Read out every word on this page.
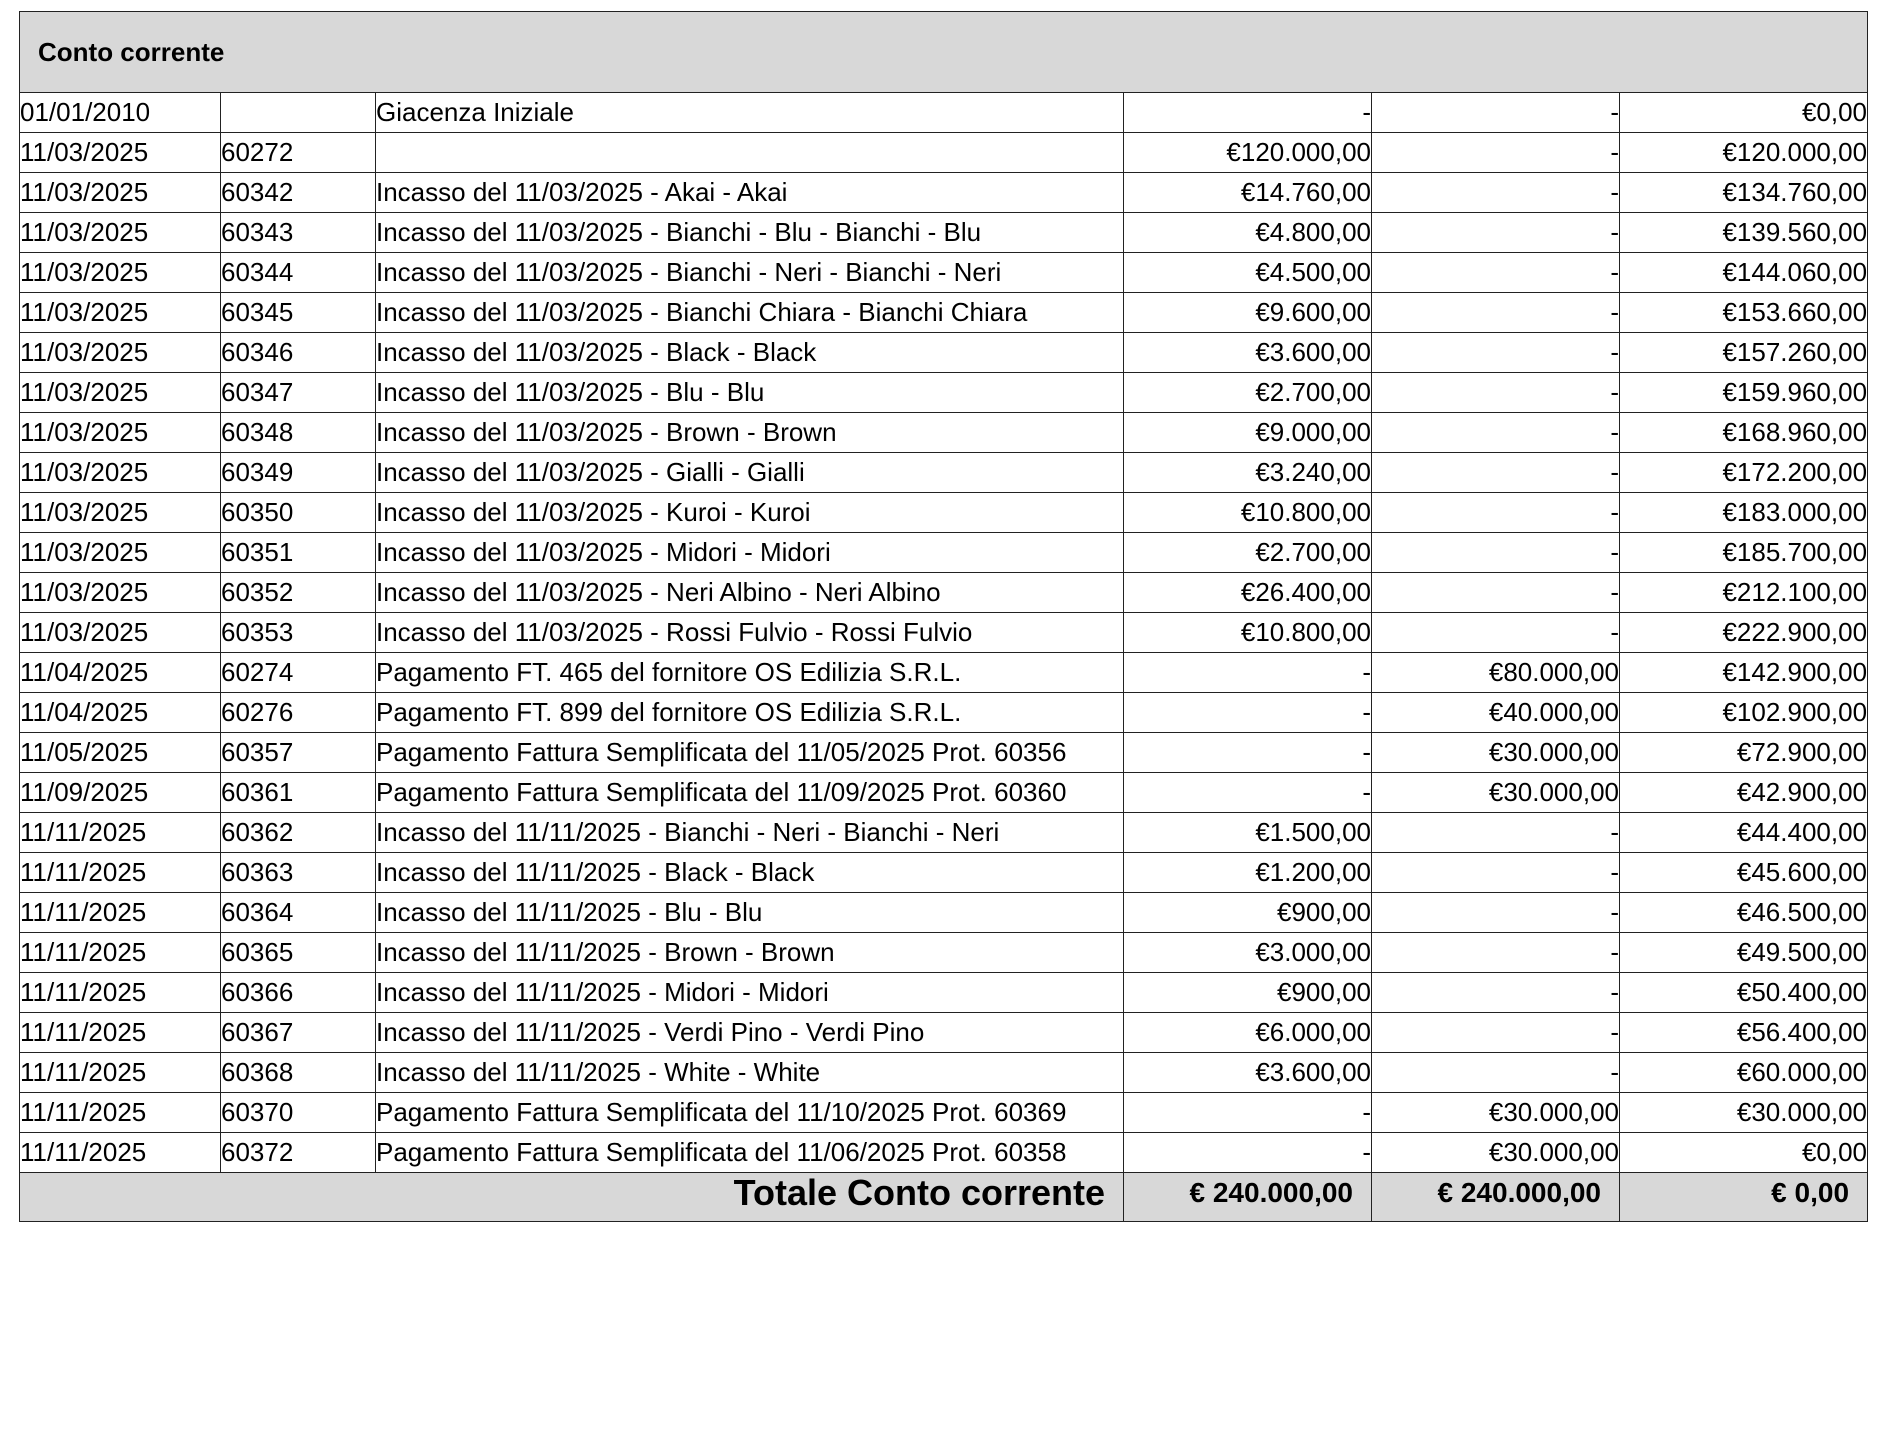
Conto corrente					
01/01/2010		Giacenza Iniziale	-	-	€0,00
11/03/2025	60272		€120.000,00	-	€120.000,00
11/03/2025	60342	Incasso del 11/03/2025 - Akai - Akai	€14.760,00	-	€134.760,00
11/03/2025	60343	Incasso del 11/03/2025 - Bianchi - Blu - Bianchi - Blu	€4.800,00	-	€139.560,00
11/03/2025	60344	Incasso del 11/03/2025 - Bianchi - Neri - Bianchi - Neri	€4.500,00	-	€144.060,00
11/03/2025	60345	Incasso del 11/03/2025 - Bianchi Chiara - Bianchi Chiara	€9.600,00	-	€153.660,00
11/03/2025	60346	Incasso del 11/03/2025 - Black - Black	€3.600,00	-	€157.260,00
11/03/2025	60347	Incasso del 11/03/2025 - Blu - Blu	€2.700,00	-	€159.960,00
11/03/2025	60348	Incasso del 11/03/2025 - Brown - Brown	€9.000,00	-	€168.960,00
11/03/2025	60349	Incasso del 11/03/2025 - Gialli - Gialli	€3.240,00	-	€172.200,00
11/03/2025	60350	Incasso del 11/03/2025 - Kuroi - Kuroi	€10.800,00	-	€183.000,00
11/03/2025	60351	Incasso del 11/03/2025 - Midori - Midori	€2.700,00	-	€185.700,00
11/03/2025	60352	Incasso del 11/03/2025 - Neri Albino - Neri Albino	€26.400,00	-	€212.100,00
11/03/2025	60353	Incasso del 11/03/2025 - Rossi Fulvio - Rossi Fulvio	€10.800,00	-	€222.900,00
11/04/2025	60274	Pagamento FT. 465 del fornitore OS Edilizia S.R.L.	-	€80.000,00	€142.900,00
11/04/2025	60276	Pagamento FT. 899 del fornitore OS Edilizia S.R.L.	-	€40.000,00	€102.900,00
11/05/2025	60357	Pagamento Fattura Semplificata del 11/05/2025 Prot. 60356	-	€30.000,00	€72.900,00
11/09/2025	60361	Pagamento Fattura Semplificata del 11/09/2025 Prot. 60360	-	€30.000,00	€42.900,00
11/11/2025	60362	Incasso del 11/11/2025 - Bianchi - Neri - Bianchi - Neri	€1.500,00	-	€44.400,00
11/11/2025	60363	Incasso del 11/11/2025 - Black - Black	€1.200,00	-	€45.600,00
11/11/2025	60364	Incasso del 11/11/2025 - Blu - Blu	€900,00	-	€46.500,00
11/11/2025	60365	Incasso del 11/11/2025 - Brown - Brown	€3.000,00	-	€49.500,00
11/11/2025	60366	Incasso del 11/11/2025 - Midori - Midori	€900,00	-	€50.400,00
11/11/2025	60367	Incasso del 11/11/2025 - Verdi Pino - Verdi Pino	€6.000,00	-	€56.400,00
11/11/2025	60368	Incasso del 11/11/2025 - White - White	€3.600,00	-	€60.000,00
11/11/2025	60370	Pagamento Fattura Semplificata del 11/10/2025 Prot. 60369	-	€30.000,00	€30.000,00
11/11/2025	60372	Pagamento Fattura Semplificata del 11/06/2025 Prot. 60358	-	€30.000,00	€0,00
Totale Conto corrente			€ 240.000,00	€ 240.000,00	€ 0,00
